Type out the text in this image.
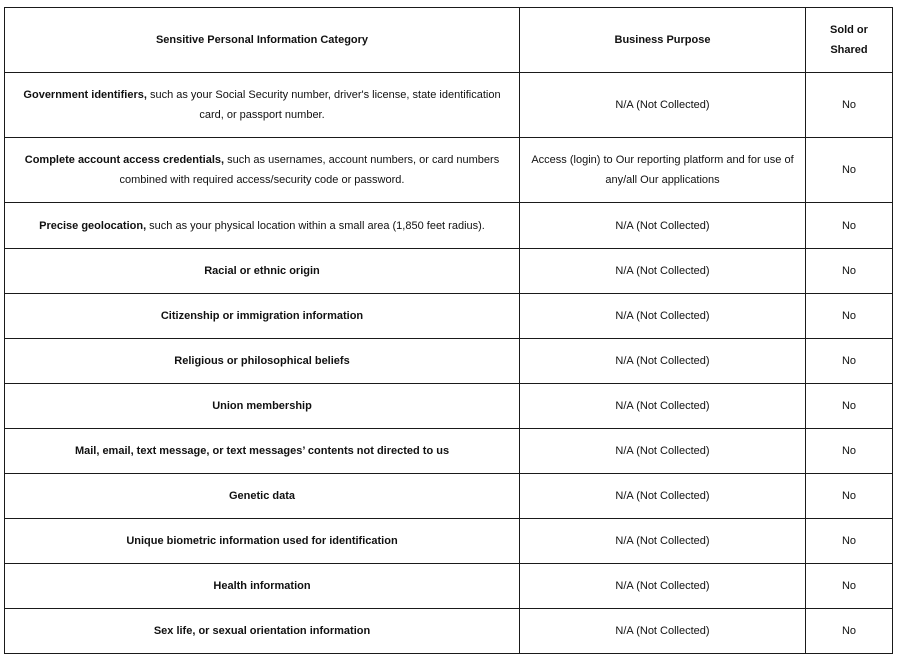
Sensitive Personal Information Category	Business Purpose	Sold or Shared
Government identifiers, such as your Social Security number, driver's license, state identification card, or passport number.	N/A (Not Collected)	No
Complete account access credentials, such as usernames, account numbers, or card numbers combined with required access/security code or password.	Access (login) to Our reporting platform and for use of any/all Our applications	No
Precise geolocation, such as your physical location within a small area (1,850 feet radius).	N/A (Not Collected)	No
Racial or ethnic origin	N/A (Not Collected)	No
Citizenship or immigration information	N/A (Not Collected)	No
Religious or philosophical beliefs	N/A (Not Collected)	No
Union membership	N/A (Not Collected)	No
Mail, email, text message, or text messages’ contents not directed to us	N/A (Not Collected)	No
Genetic data	N/A (Not Collected)	No
Unique biometric information used for identification	N/A (Not Collected)	No
Health information	N/A (Not Collected)	No
Sex life, or sexual orientation information	N/A (Not Collected)	No
